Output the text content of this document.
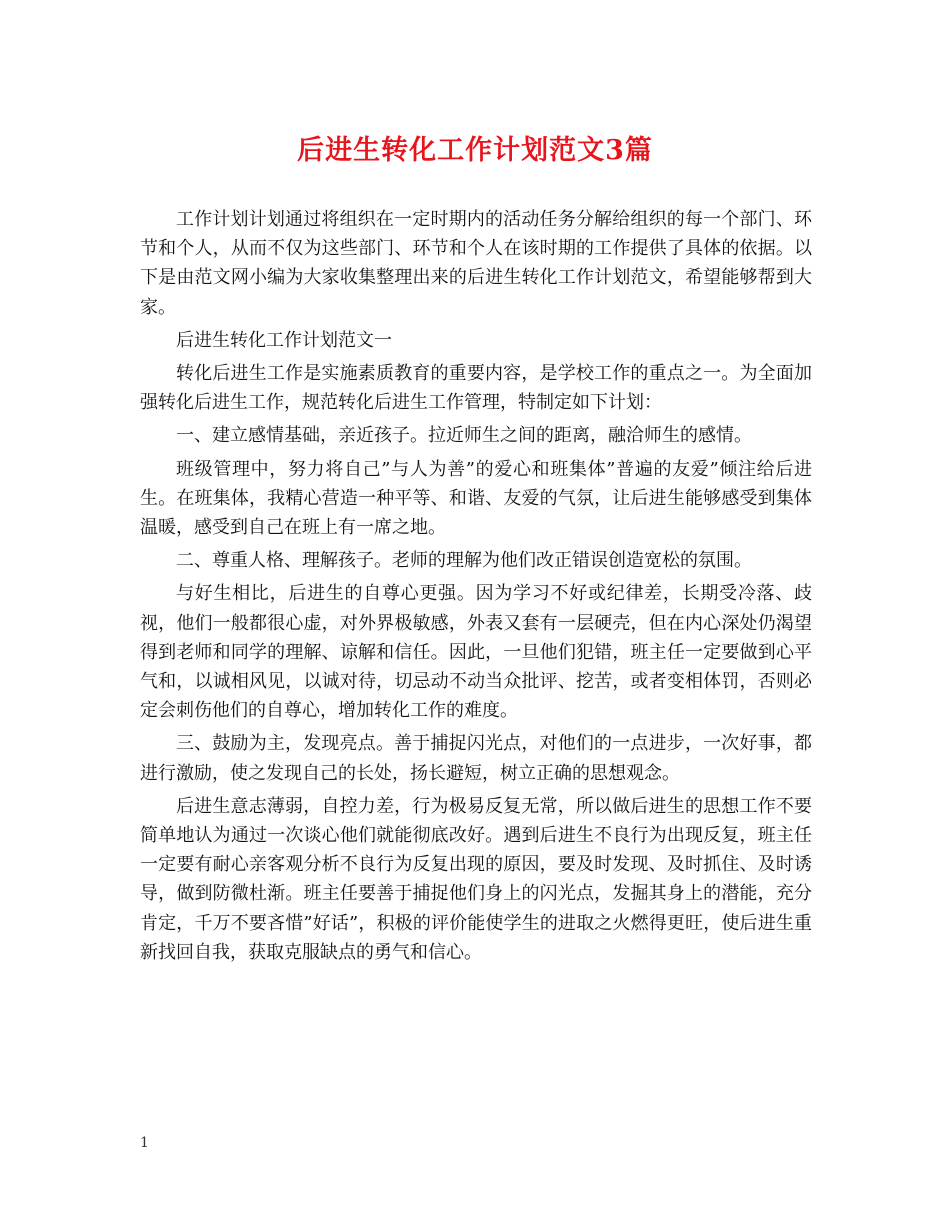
后进生转化工作计划范文3篇

工作计划计划通过将组织在一定时期内的活动任务分解给组织的每一个部门、环节和个人，从而不仅为这些部门、环节和个人在该时期的工作提供了具体的依据。以下是由范文网小编为大家收集整理出来的后进生转化工作计划范文，希望能够帮到大家。

后进生转化工作计划范文一

转化后进生工作是实施素质教育的重要内容，是学校工作的重点之一。为全面加强转化后进生工作，规范转化后进生工作管理，特制定如下计划：

一、建立感情基础，亲近孩子。拉近师生之间的距离，融洽师生的感情。

班级管理中，努力将自己”与人为善”的爱心和班集体”普遍的友爱”倾注给后进生。在班集体，我精心营造一种平等、和谐、友爱的气氛，让后进生能够感受到集体温暖，感受到自己在班上有一席之地。

二、尊重人格、理解孩子。老师的理解为他们改正错误创造宽松的氛围。

与好生相比，后进生的自尊心更强。因为学习不好或纪律差，长期受冷落、歧视，他们一般都很心虚，对外界极敏感，外表又套有一层硬壳，但在内心深处仍渴望得到老师和同学的理解、谅解和信任。因此，一旦他们犯错，班主任一定要做到心平气和，以诚相风见，以诚对待，切忌动不动当众批评、挖苦，或者变相体罚，否则必定会刺伤他们的自尊心，增加转化工作的难度。

三、鼓励为主，发现亮点。善于捕捉闪光点，对他们的一点进步，一次好事，都进行激励，使之发现自己的长处，扬长避短，树立正确的思想观念。

后进生意志薄弱，自控力差，行为极易反复无常，所以做后进生的思想工作不要简单地认为通过一次谈心他们就能彻底改好。遇到后进生不良行为出现反复，班主任一定要有耐心亲客观分析不良行为反复出现的原因，要及时发现、及时抓住、及时诱导，做到防微杜渐。班主任要善于捕捉他们身上的闪光点，发掘其身上的潜能，充分肯定，千万不要吝惜”好话”，积极的评价能使学生的进取之火燃得更旺，使后进生重新找回自我，获取克服缺点的勇气和信心。

1
